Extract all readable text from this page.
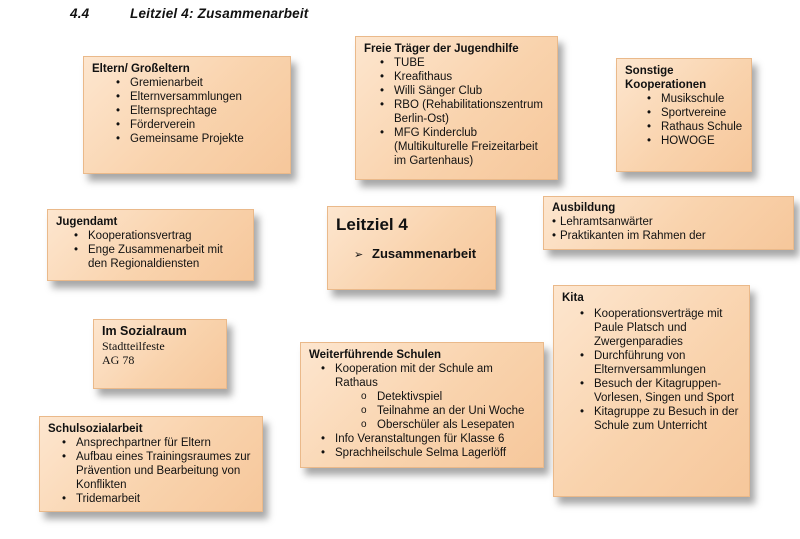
4.4	Leitziel 4: Zusammenarbeit
Eltern/ Großeltern
• Gremienarbeit
• Elternversammlungen
• Elternsprechtage
• Förderverein
• Gemeinsame Projekte
Freie Träger der Jugendhilfe
• TUBE
• Kreafithaus
• Willi Sänger Club
• RBO (Rehabilitationszentrum Berlin-Ost)
• MFG Kinderclub (Multikulturelle Freizeitarbeit im Gartenhaus)
Sonstige Kooperationen
• Musikschule
• Sportvereine
• Rathaus Schule
• HOWOGE
Jugendamt
• Kooperationsvertrag
• Enge Zusammenarbeit mit den Regionaldiensten
Leitziel 4
➢ Zusammenarbeit
Ausbildung
• Lehramtsanwärter
• Praktikanten im Rahmen der
Im Sozialraum
Stadtteilfeste
AG 78	Weiterführende Schulen
• Kooperation mit der Schule am Rathaus
o Detektivspiel
o Teilnahme an der Uni Woche
o Oberschüler als Lesepaten
• Info Veranstaltungen für Klasse 6
• Sprachheilschule Selma Lagerlöff
Kita
• Kooperationsverträge mit Paule Platsch und Zwergenparadies
• Durchführung von Elternversammlungen
• Besuch der Kitagruppen-Vorlesen, Singen und Sport
• Kitagruppe zu Besuch in der Schule zum Unterricht
Schulsozialarbeit
• Ansprechpartner für Eltern
• Aufbau eines Trainingsraumes zur Prävention und Bearbeitung von Konflikten
• Tridemarbeit
